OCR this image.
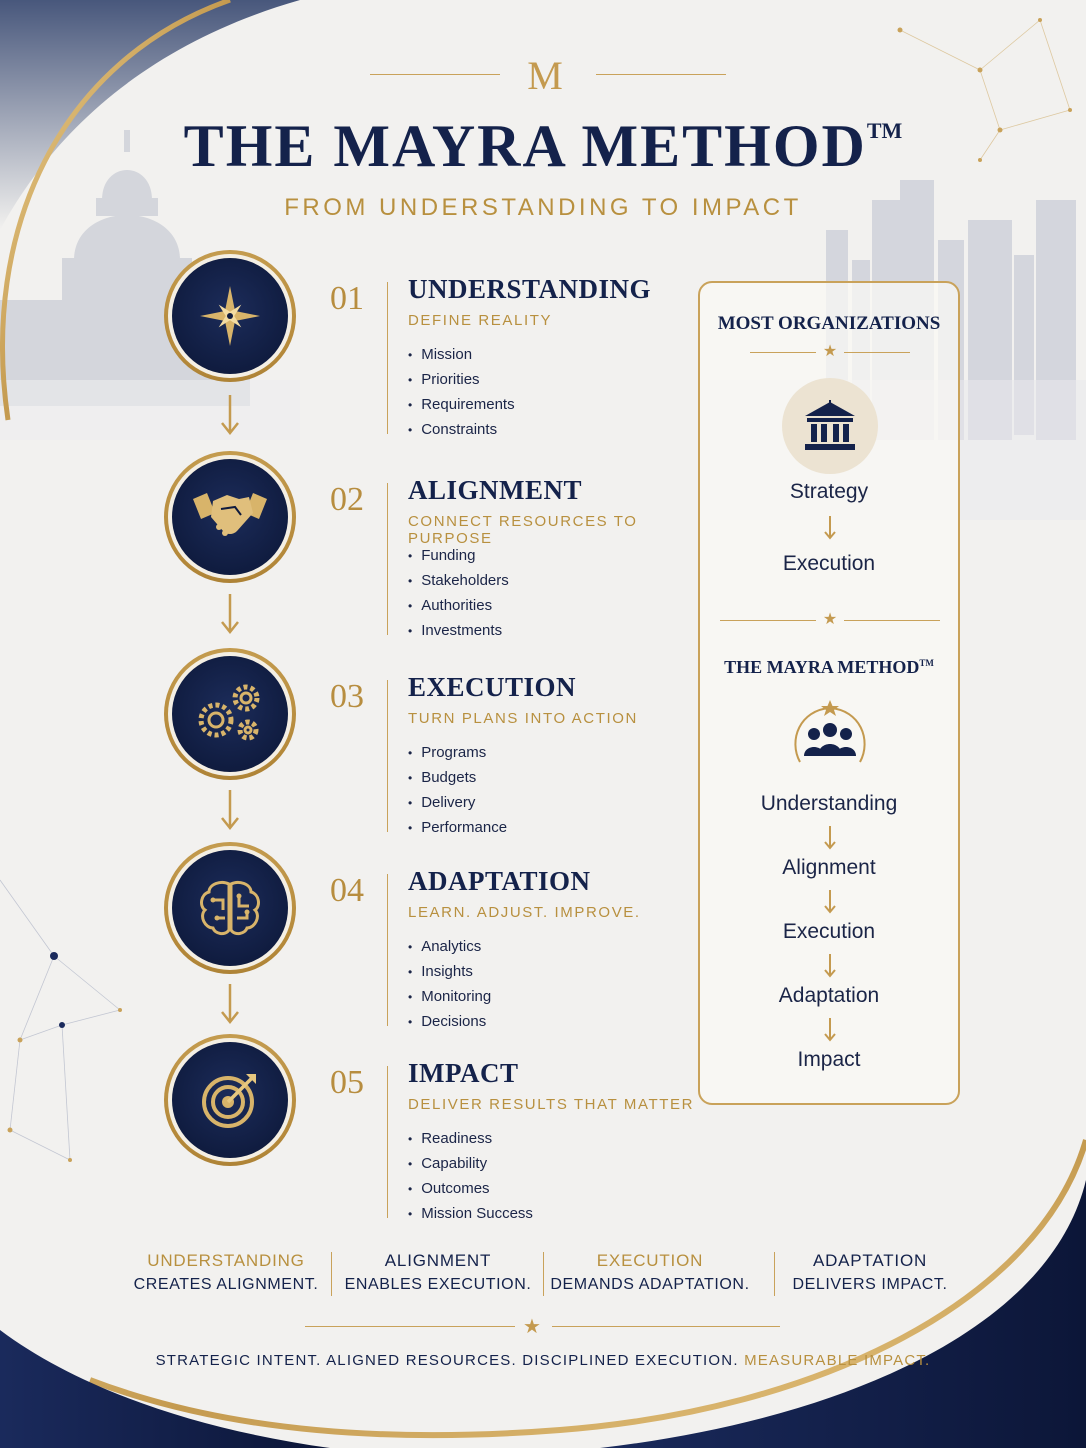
M
THE MAYRA METHOD™
FROM UNDERSTANDING TO IMPACT
01 UNDERSTANDING
DEFINE REALITY
• Mission
• Priorities
• Requirements
• Constraints
02 ALIGNMENT
CONNECT RESOURCES TO PURPOSE
• Funding
• Stakeholders
• Authorities
• Investments
03 EXECUTION
TURN PLANS INTO ACTION
• Programs
• Budgets
• Delivery
• Performance
04 ADAPTATION
LEARN. ADJUST. IMPROVE.
• Analytics
• Insights
• Monitoring
• Decisions
05 IMPACT
DELIVER RESULTS THAT MATTER
• Readiness
• Capability
• Outcomes
• Mission Success
MOST ORGANIZATIONS
★
Strategy
Execution
★
THE MAYRA METHOD™
Understanding
Alignment
Execution
Adaptation
Impact
UNDERSTANDING
CREATES ALIGNMENT.
ALIGNMENT
ENABLES EXECUTION.
EXECUTION
DEMANDS ADAPTATION.
ADAPTATION
DELIVERS IMPACT.
★
STRATEGIC INTENT. ALIGNED RESOURCES. DISCIPLINED EXECUTION. MEASURABLE IMPACT.
